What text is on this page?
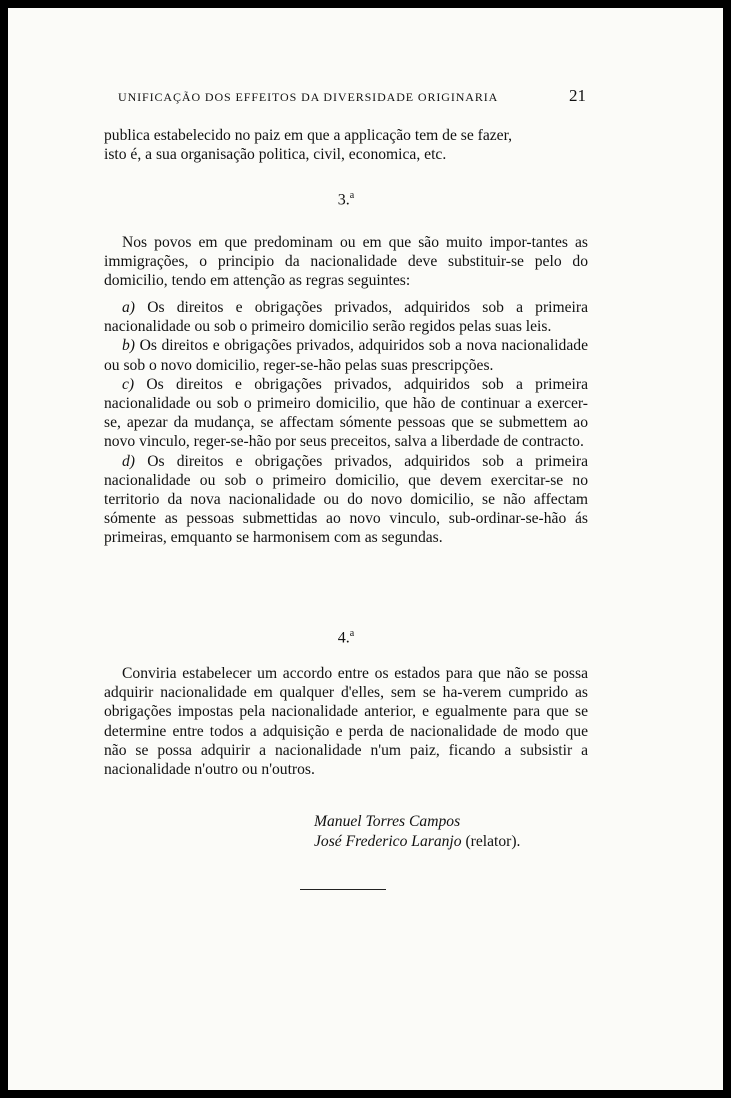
UNIFICAÇÃO DOS EFFEITOS DA DIVERSIDADE ORIGINARIA	21

publica estabelecido no paiz em que a applicação tem de se fazer,

isto é, a sua organisação politica, civil, economica, etc.

3.$^a$

Nos povos em que predominam ou em que são muito impor-tantes as immigrações, o principio da nacionalidade deve substituir-se pelo do domicilio, tendo em attenção as regras seguintes:

a) Os direitos e obrigações privados, adquiridos sob a primeira nacionalidade ou sob o primeiro domicilio serão regidos pelas suas leis.

b) Os direitos e obrigações privados, adquiridos sob a nova nacionalidade ou sob o novo domicilio, reger-se-hão pelas suas prescripções.

c) Os direitos e obrigações privados, adquiridos sob a primeira nacionalidade ou sob o primeiro domicilio, que hão de continuar a exercer-se, apezar da mudança, se affectam sómente pessoas que se submettem ao novo vinculo, reger-se-hão por seus preceitos, salva a liberdade de contracto.

d) Os direitos e obrigações privados, adquiridos sob a primeira nacionalidade ou sob o primeiro domicilio, que devem exercitar-se no territorio da nova nacionalidade ou do novo domicilio, se não affectam sómente as pessoas submettidas ao novo vinculo, sub-ordinar-se-hão ás primeiras, emquanto se harmonisem com as segundas.

4.$^a$

Conviria estabelecer um accordo entre os estados para que não se possa adquirir nacionalidade em qualquer d'elles, sem se ha-verem cumprido as obrigações impostas pela nacionalidade anterior, e egualmente para que se determine entre todos a adquisição e perda de nacionalidade de modo que não se possa adquirir a nacionalidade n'um paiz, ficando a subsistir a nacionalidade n'outro ou n'outros.

Manuel Torres Campos
José Frederico Laranjo (relator).
